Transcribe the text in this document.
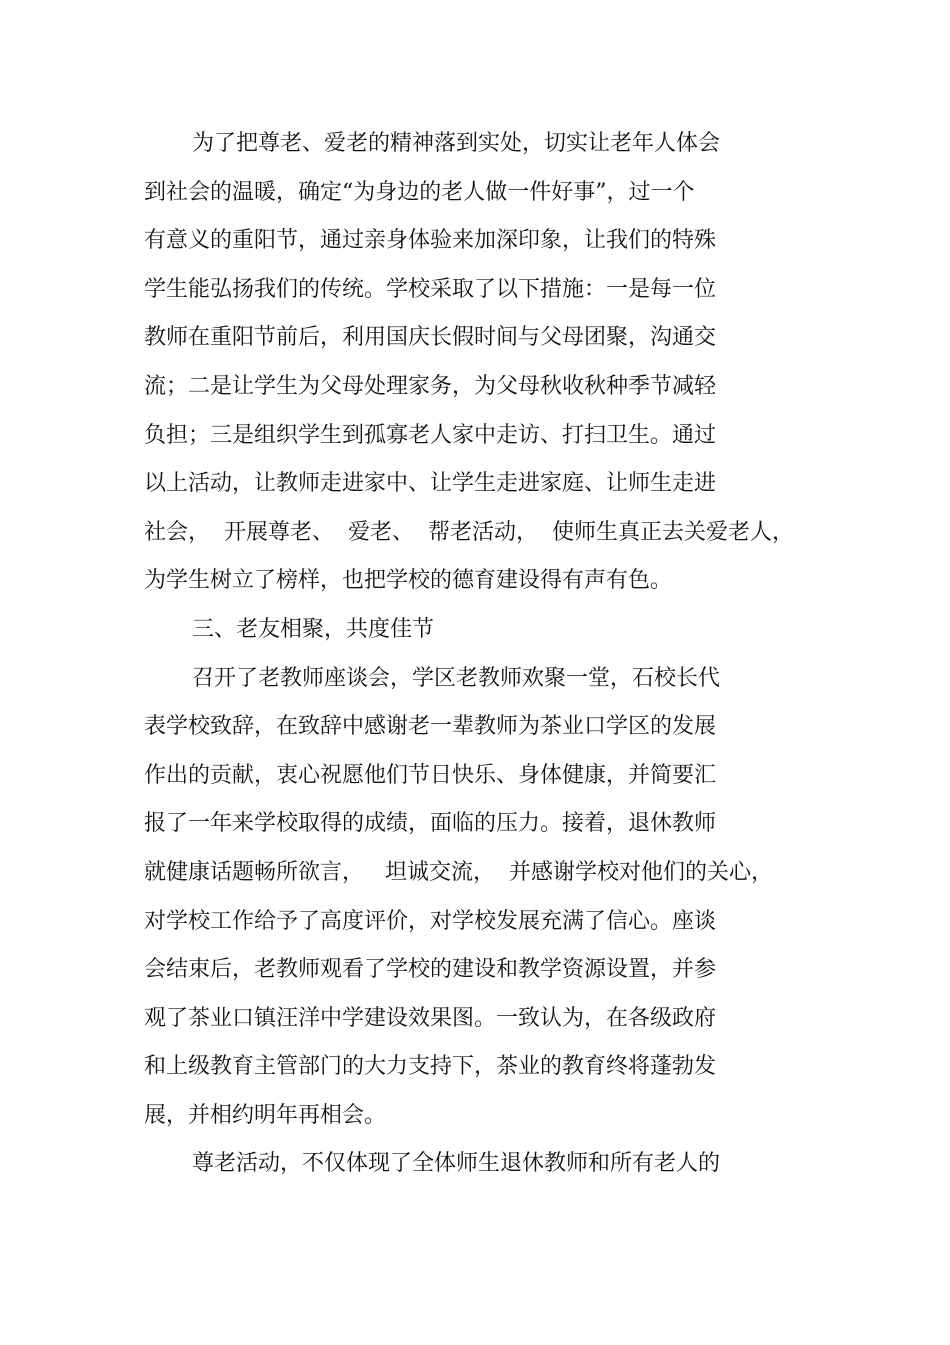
为了把尊老、爱老的精神落到实处，切实让老年人体会
到社会的温暖，确定“为身边的老人做一件好事”，过一个
有意义的重阳节，通过亲身体验来加深印象，让我们的特殊
学生能弘扬我们的传统。学校采取了以下措施：一是每一位
教师在重阳节前后，利用国庆长假时间与父母团聚，沟通交
流；二是让学生为父母处理家务，为父母秋收秋种季节减轻
负担；三是组织学生到孤寡老人家中走访、打扫卫生。通过
以上活动，让教师走进家中、让学生走进家庭、让师生走进
社会，  开展尊老、  爱老、  帮老活动，  使师生真正去关爱老人，
为学生树立了榜样，也把学校的德育建设得有声有色。
三、老友相聚，共度佳节
召开了老教师座谈会，学区老教师欢聚一堂，石校长代
表学校致辞，在致辞中感谢老一辈教师为茶业口学区的发展
作出的贡献，衷心祝愿他们节日快乐、身体健康，并简要汇
报了一年来学校取得的成绩，面临的压力。接着，退休教师
就健康话题畅所欲言，   坦诚交流，  并感谢学校对他们的关心，
对学校工作给予了高度评价，对学校发展充满了信心。座谈
会结束后，老教师观看了学校的建设和教学资源设置，并参
观了茶业口镇汪洋中学建设效果图。一致认为，在各级政府
和上级教育主管部门的大力支持下，茶业的教育终将蓬勃发
展，并相约明年再相会。
尊老活动，不仅体现了全体师生退休教师和所有老人的
